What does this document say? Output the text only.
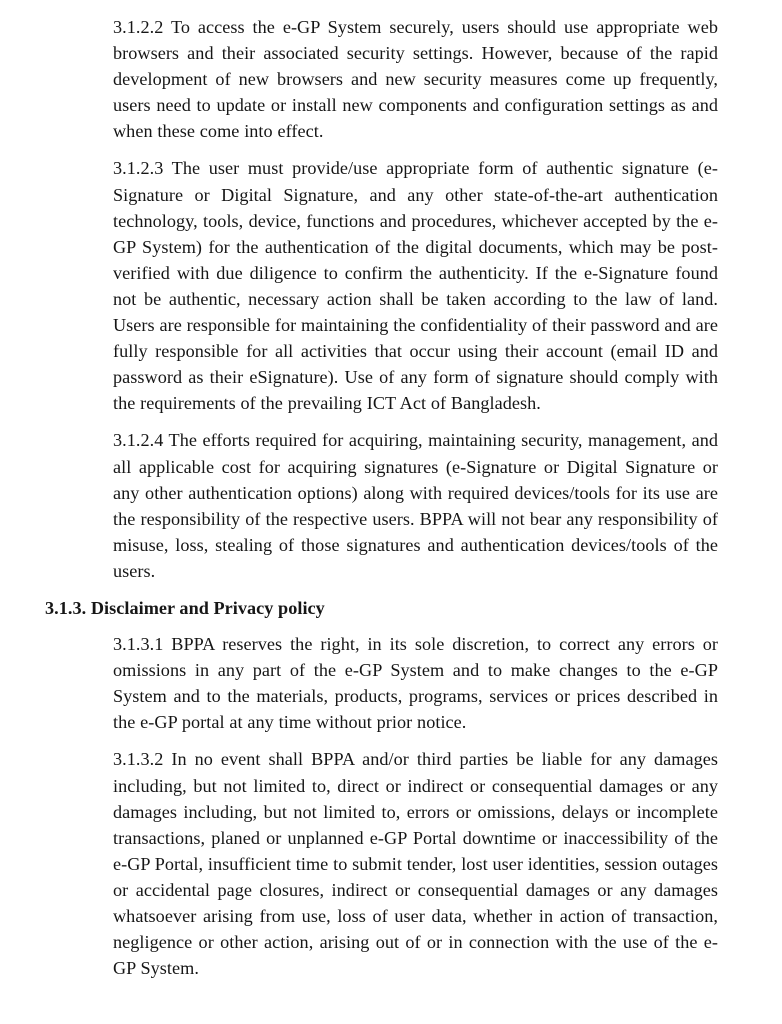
3.1.2.2 To access the e-GP System securely, users should use appropriate web browsers and their associated security settings. However, because of the rapid development of new browsers and new security measures come up frequently, users need to update or install new components and configuration settings as and when these come into effect.

3.1.2.3 The user must provide/use appropriate form of authentic signature (e-Signature or Digital Signature, and any other state-of-the-art authentication technology, tools, device, functions and procedures, whichever accepted by the e-GP System) for the authentication of the digital documents, which may be post-verified with due diligence to confirm the authenticity. If the e-Signature found not be authentic, necessary action shall be taken according to the law of land. Users are responsible for maintaining the confidentiality of their password and are fully responsible for all activities that occur using their account (email ID and password as their eSignature). Use of any form of signature should comply with the requirements of the prevailing ICT Act of Bangladesh.

3.1.2.4 The efforts required for acquiring, maintaining security, management, and all applicable cost for acquiring signatures (e-Signature or Digital Signature or any other authentication options) along with required devices/tools for its use are the responsibility of the respective users. BPPA will not bear any responsibility of misuse, loss, stealing of those signatures and authentication devices/tools of the users.

3.1.3. Disclaimer and Privacy policy

3.1.3.1 BPPA reserves the right, in its sole discretion, to correct any errors or omissions in any part of the e-GP System and to make changes to the e-GP System and to the materials, products, programs, services or prices described in the e-GP portal at any time without prior notice.

3.1.3.2 In no event shall BPPA and/or third parties be liable for any damages including, but not limited to, direct or indirect or consequential damages or any damages including, but not limited to, errors or omissions, delays or incomplete transactions, planed or unplanned e-GP Portal downtime or inaccessibility of the e-GP Portal, insufficient time to submit tender, lost user identities, session outages or accidental page closures, indirect or consequential damages or any damages whatsoever arising from use, loss of user data, whether in action of transaction, negligence or other action, arising out of or in connection with the use of the e-GP System.
